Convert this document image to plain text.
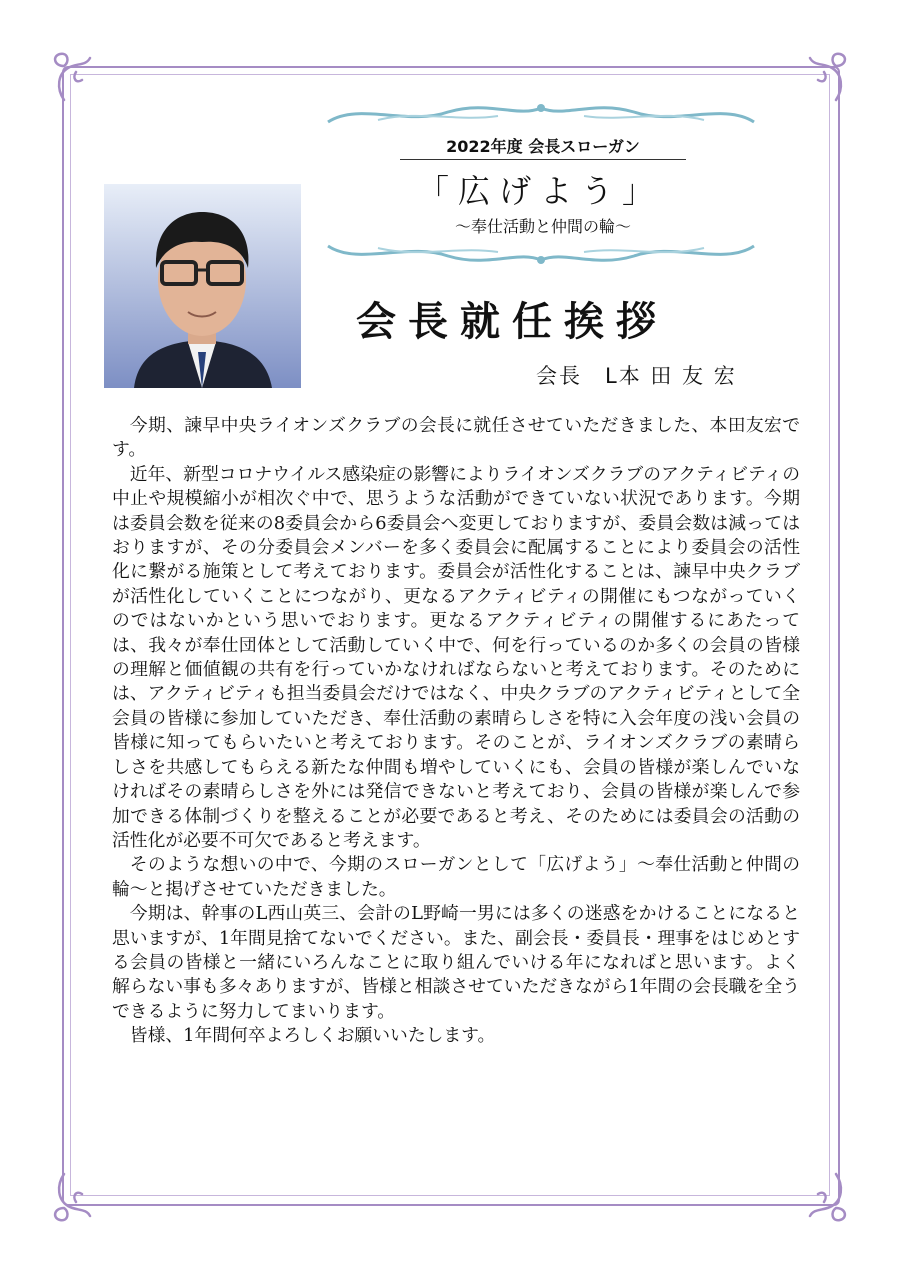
2022年度 会長スローガン
「広げよう」
～奉仕活動と仲間の輪～
会長就任挨拶
会長　L本 田 友 宏

今期、諫早中央ライオンズクラブの会長に就任させていただきました、本田友宏です。

近年、新型コロナウイルス感染症の影響によりライオンズクラブのアクティビティの中止や規模縮小が相次ぐ中で、思うような活動ができていない状況であります。今期は委員会数を従来の8委員会から6委員会へ変更しておりますが、委員会数は減ってはおりますが、その分委員会メンバーを多く委員会に配属することにより委員会の活性化に繋がる施策として考えております。委員会が活性化することは、諫早中央クラブが活性化していくことにつながり、更なるアクティビティの開催にもつながっていくのではないかという思いでおります。更なるアクティビティの開催するにあたっては、我々が奉仕団体として活動していく中で、何を行っているのか多くの会員の皆様の理解と価値観の共有を行っていかなければならないと考えております。そのためには、アクティビティも担当委員会だけではなく、中央クラブのアクティビティとして全会員の皆様に参加していただき、奉仕活動の素晴らしさを特に入会年度の浅い会員の皆様に知ってもらいたいと考えております。そのことが、ライオンズクラブの素晴らしさを共感してもらえる新たな仲間も増やしていくにも、会員の皆様が楽しんでいなければその素晴らしさを外には発信できないと考えており、会員の皆様が楽しんで参加できる体制づくりを整えることが必要であると考え、そのためには委員会の活動の活性化が必要不可欠であると考えます。

そのような想いの中で、今期のスローガンとして「広げよう」～奉仕活動と仲間の輪～と掲げさせていただきました。

今期は、幹事のL西山英三、会計のL野崎一男には多くの迷惑をかけることになると思いますが、1年間見捨てないでください。また、副会長・委員長・理事をはじめとする会員の皆様と一緒にいろんなことに取り組んでいける年になればと思います。よく解らない事も多々ありますが、皆様と相談させていただきながら1年間の会長職を全うできるように努力してまいります。

皆様、1年間何卒よろしくお願いいたします。
